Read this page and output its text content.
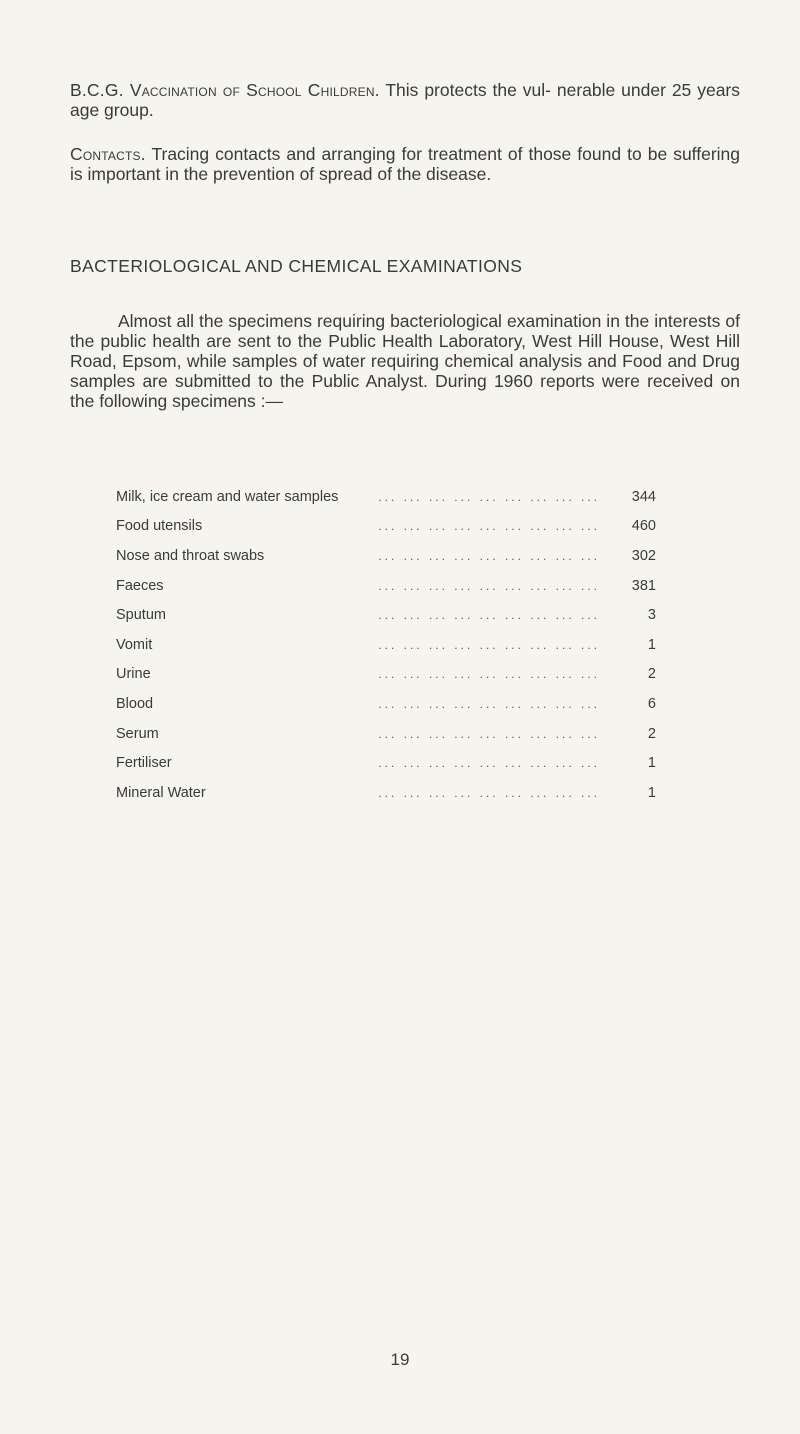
B.C.G. Vaccination of School Children. This protects the vul- nerable under 25 years age group.

Contacts. Tracing contacts and arranging for treatment of those found to be suffering is important in the prevention of spread of the disease.

BACTERIOLOGICAL AND CHEMICAL EXAMINATIONS

Almost all the specimens requiring bacteriological examination in the interests of the public health are sent to the Public Health Laboratory, West Hill House, West Hill Road, Epsom, while samples of water requiring chemical analysis and Food and Drug samples are submitted to the Public Analyst. During 1960 reports were received on the following specimens :—

Milk, ice cream and water samples	... ... ... ... ... ... ... ... ...	344
Food utensils	... ... ... ... ... ... ... ... ...	460
Nose and throat swabs	... ... ... ... ... ... ... ... ...	302
Faeces	... ... ... ... ... ... ... ... ...	381
Sputum	... ... ... ... ... ... ... ... ...	3
Vomit	... ... ... ... ... ... ... ... ...	1
Urine	... ... ... ... ... ... ... ... ...	2
Blood	... ... ... ... ... ... ... ... ...	6
Serum	... ... ... ... ... ... ... ... ...	2
Fertiliser	... ... ... ... ... ... ... ... ...	1
Mineral Water	... ... ... ... ... ... ... ... ...	1
19
